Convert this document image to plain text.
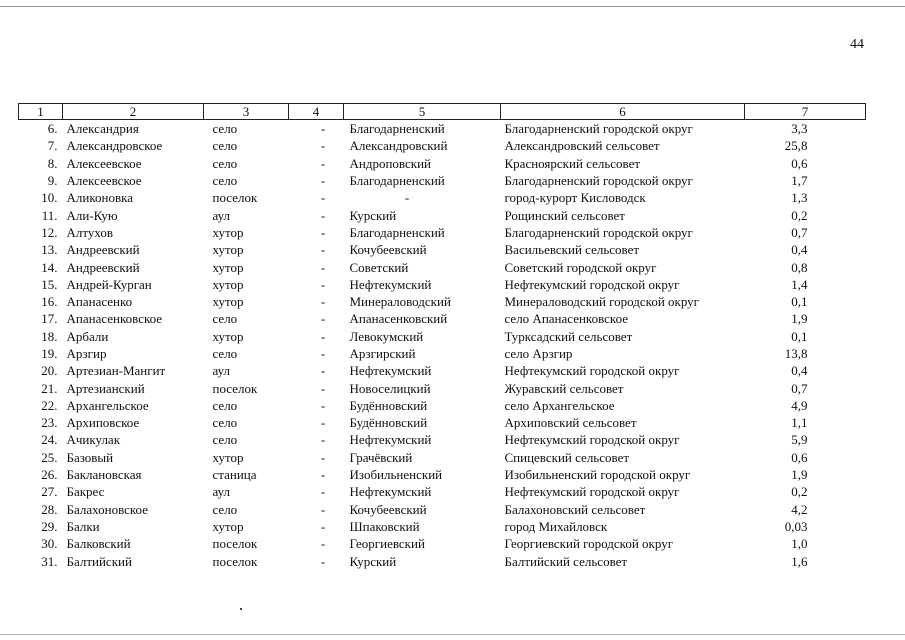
44
1	2	3	4	5	6	7
6.	Александрия	село	-	Благодарненский	Благодарненский городской округ	3,3
7.	Александровское	село	-	Александровский	Александровский сельсовет	25,8
8.	Алексеевское	село	-	Андроповский	Красноярский сельсовет	0,6
9.	Алексеевское	село	-	Благодарненский	Благодарненский городской округ	1,7
10.	Аликоновка	поселок	-	-	город-курорт Кисловодск	1,3
11.	Али-Кую	аул	-	Курский	Рощинский сельсовет	0,2
12.	Алтухов	хутор	-	Благодарненский	Благодарненский городской округ	0,7
13.	Андреевский	хутор	-	Кочубеевский	Васильевский сельсовет	0,4
14.	Андреевский	хутор	-	Советский	Советский городской округ	0,8
15.	Андрей-Курган	хутор	-	Нефтекумский	Нефтекумский городской округ	1,4
16.	Апанасенко	хутор	-	Минераловодский	Минераловодский городской округ	0,1
17.	Апанасенковское	село	-	Апанасенковский	село Апанасенковское	1,9
18.	Арбали	хутор	-	Левокумский	Турксадский сельсовет	0,1
19.	Арзгир	село	-	Арзгирский	село Арзгир	13,8
20.	Артезиан-Мангит	аул	-	Нефтекумский	Нефтекумский городской округ	0,4
21.	Артезианский	поселок	-	Новоселицкий	Журавский сельсовет	0,7
22.	Архангельское	село	-	Будённовский	село Архангельское	4,9
23.	Архиповское	село	-	Будённовский	Архиповский сельсовет	1,1
24.	Ачикулак	село	-	Нефтекумский	Нефтекумский городской округ	5,9
25.	Базовый	хутор	-	Грачёвский	Спицевский сельсовет	0,6
26.	Баклановская	станица	-	Изобильненский	Изобильненский городской округ	1,9
27.	Бакрес	аул	-	Нефтекумский	Нефтекумский городской округ	0,2
28.	Балахоновское	село	-	Кочубеевский	Балахоновский сельсовет	4,2
29.	Балки	хутор	-	Шпаковский	город Михайловск	0,03
30.	Балковский	поселок	-	Георгиевский	Георгиевский городской округ	1,0
31.	Балтийский	поселок	-	Курский	Балтийский сельсовет	1,6
